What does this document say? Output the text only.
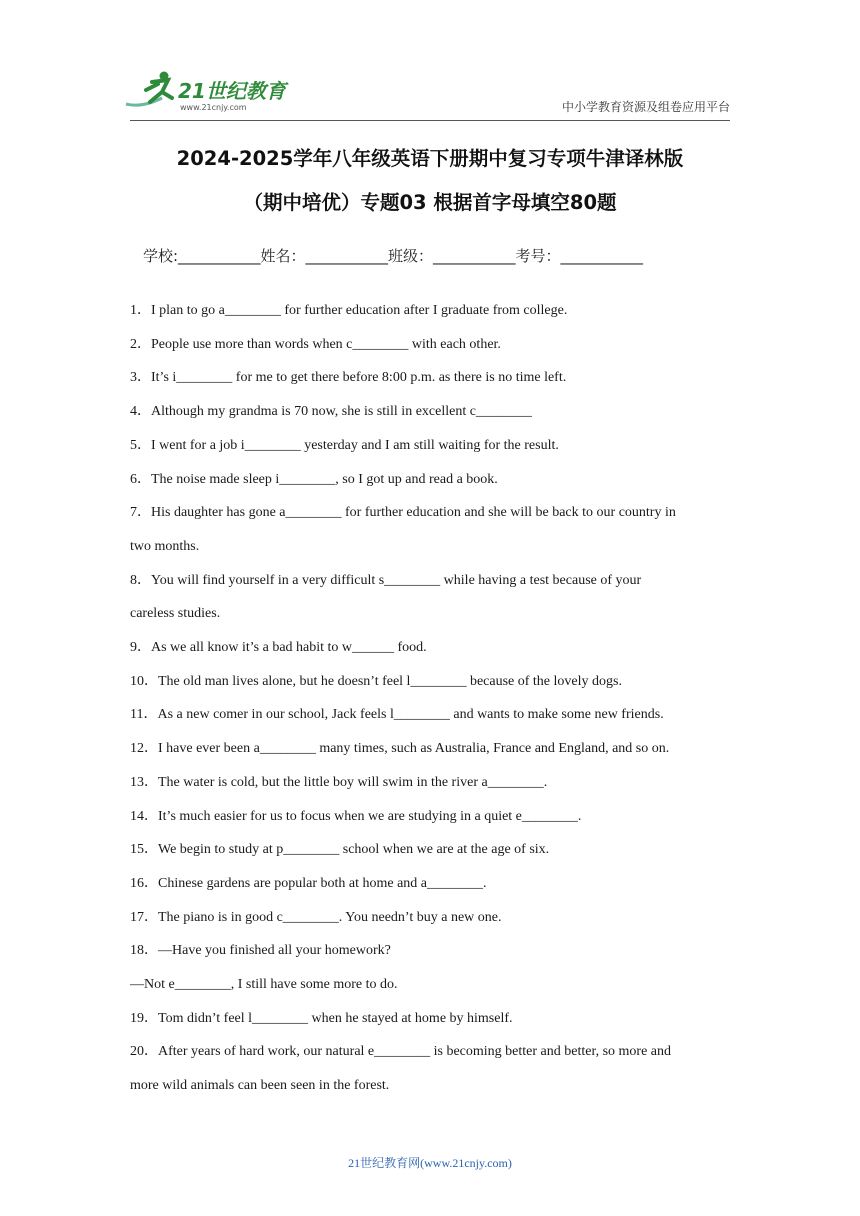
21世纪教育
www.21cnjy.com	中小学教育资源及组卷应用平台
2024-2025学年八年级英语下册期中复习专项牛津译林版
（期中培优）专题03 根据首字母填空80题
学校:___________姓名：___________班级：___________考号：___________

1．I plan to go a________ for further education after I graduate from college.

2．People use more than words when c________ with each other.

3．It’s i________ for me to get there before 8:00 p.m. as there is no time left.

4．Although my grandma is 70 now, she is still in excellent c________

5．I went for a job i________ yesterday and I am still waiting for the result.

6．The noise made sleep i________, so I got up and read a book.

7．His daughter has gone a________ for further education and she will be back to our country in

two months.

8．You will find yourself in a very difficult s________ while having a test because of your

careless studies.

9．As we all know it’s a bad habit to w______ food.

10．The old man lives alone, but he doesn’t feel l________ because of the lovely dogs.

11．As a new comer in our school, Jack feels l________ and wants to make some new friends.

12．I have ever been a________ many times, such as Australia, France and England, and so on.

13．The water is cold, but the little boy will swim in the river a________.

14．It’s much easier for us to focus when we are studying in a quiet e________.

15．We begin to study at p________ school when we are at the age of six.

16．Chinese gardens are popular both at home and a________.

17．The piano is in good c________. You needn’t buy a new one.

18．—Have you finished all your homework?

—Not e________, I still have some more to do.

19．Tom didn’t feel l________ when he stayed at home by himself.

20．After years of hard work, our natural e________ is becoming better and better, so more and

more wild animals can been seen in the forest.

21世纪教育网(www.21cnjy.com)
